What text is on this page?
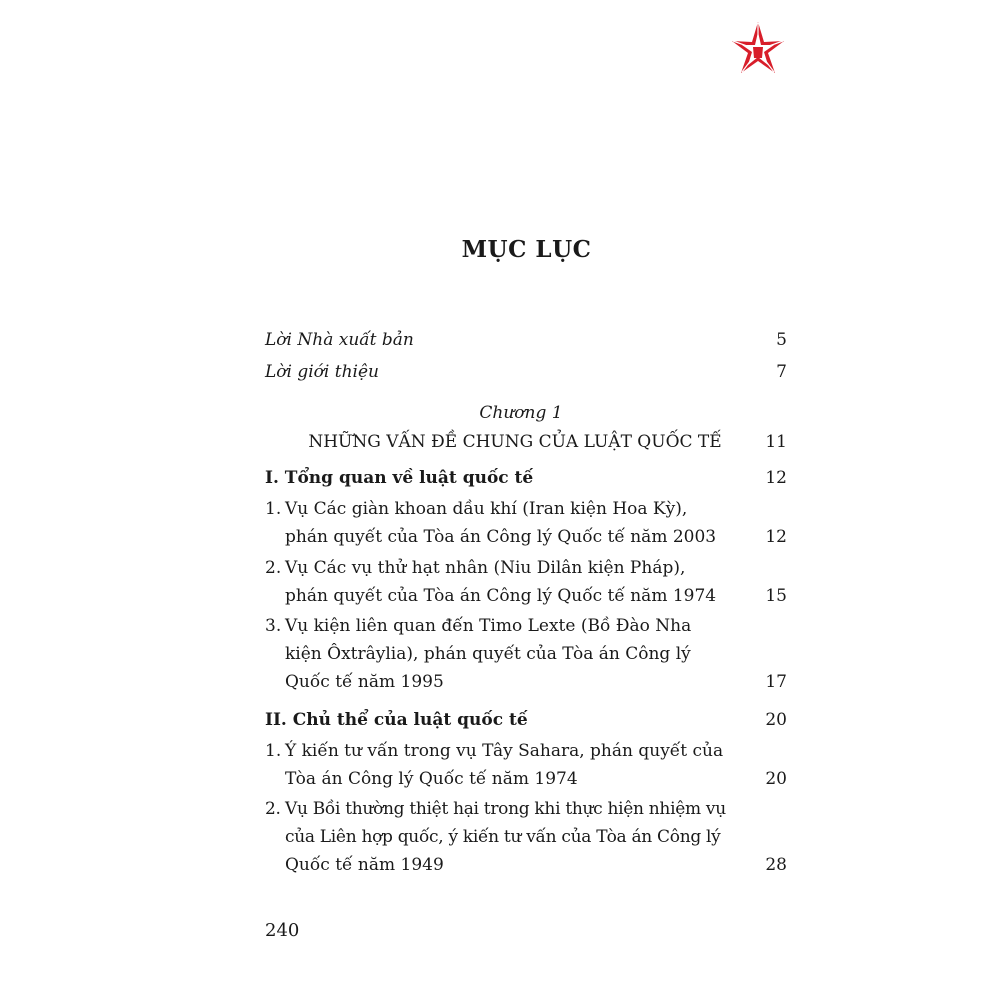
MỤC LỤC
Lời Nhà xuất bản	5
Lời giới thiệu	7
Chương 1
NHỮNG VẤN ĐỀ CHUNG CỦA LUẬT QUỐC TẾ	11
I. Tổng quan về luật quốc tế	12
1. Vụ Các giàn khoan dầu khí (Iran kiện Hoa Kỳ),
phán quyết của Tòa án Công lý Quốc tế năm 2003	12
2. Vụ Các vụ thử hạt nhân (Niu Dilân kiện Pháp),
phán quyết của Tòa án Công lý Quốc tế năm 1974	15
3. Vụ kiện liên quan đến Timo Lexte (Bồ Đào Nha
kiện Ôxtrâylia), phán quyết của Tòa án Công lý
Quốc tế năm 1995	17
II. Chủ thể của luật quốc tế	20
1. Ý kiến tư vấn trong vụ Tây Sahara, phán quyết của
Tòa án Công lý Quốc tế năm 1974	20
2. Vụ Bồi thường thiệt hại trong khi thực hiện nhiệm vụ
của Liên hợp quốc, ý kiến tư vấn của Tòa án Công lý
Quốc tế năm 1949	28
240
